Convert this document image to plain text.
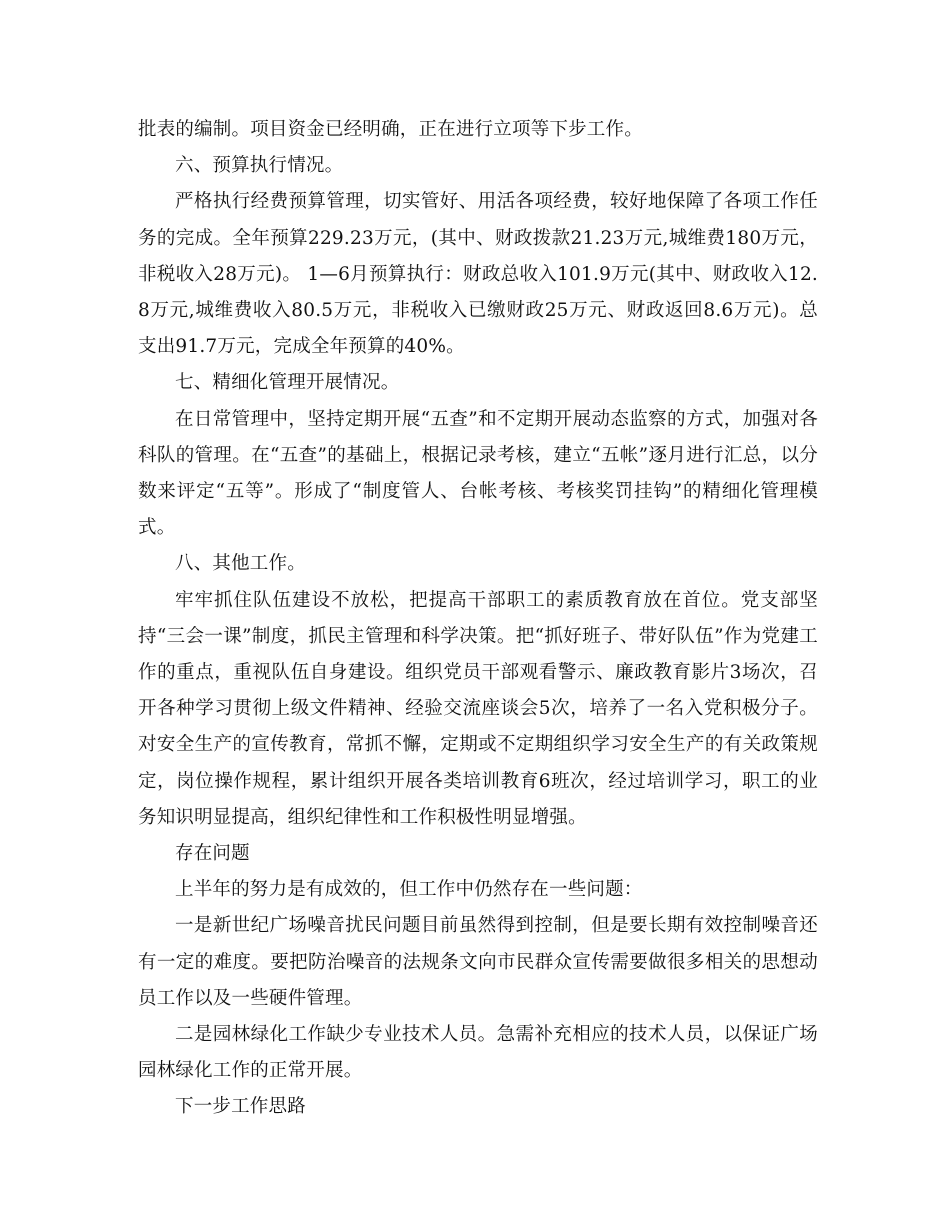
批表的编制。项目资金已经明确，正在进行立项等下步工作。

六、预算执行情况。

严格执行经费预算管理，切实管好、用活各项经费，较好地保障了各项工作任务的完成。全年预算229.23万元，(其中、财政拨款21.23万元,城维费180万元，非税收入28万元)。 1—6月预算执行：财政总收入101.9万元(其中、财政收入12.8万元,城维费收入80.5万元，非税收入已缴财政25万元、财政返回8.6万元)。总支出91.7万元，完成全年预算的40%。

七、精细化管理开展情况。

在日常管理中，坚持定期开展“五查”和不定期开展动态监察的方式，加强对各科队的管理。在“五查”的基础上，根据记录考核，建立“五帐”逐月进行汇总，以分数来评定“五等”。形成了“制度管人、台帐考核、考核奖罚挂钩”的精细化管理模式。

八、其他工作。

牢牢抓住队伍建设不放松，把提高干部职工的素质教育放在首位。党支部坚持“三会一课”制度，抓民主管理和科学决策。把“抓好班子、带好队伍”作为党建工作的重点，重视队伍自身建设。组织党员干部观看警示、廉政教育影片3场次，召开各种学习贯彻上级文件精神、经验交流座谈会5次，培养了一名入党积极分子。对安全生产的宣传教育，常抓不懈，定期或不定期组织学习安全生产的有关政策规定，岗位操作规程，累计组织开展各类培训教育6班次，经过培训学习，职工的业务知识明显提高，组织纪律性和工作积极性明显增强。

存在问题

上半年的努力是有成效的，但工作中仍然存在一些问题：

一是新世纪广场噪音扰民问题目前虽然得到控制，但是要长期有效控制噪音还有一定的难度。要把防治噪音的法规条文向市民群众宣传需要做很多相关的思想动员工作以及一些硬件管理。

二是园林绿化工作缺少专业技术人员。急需补充相应的技术人员，以保证广场园林绿化工作的正常开展。

下一步工作思路
